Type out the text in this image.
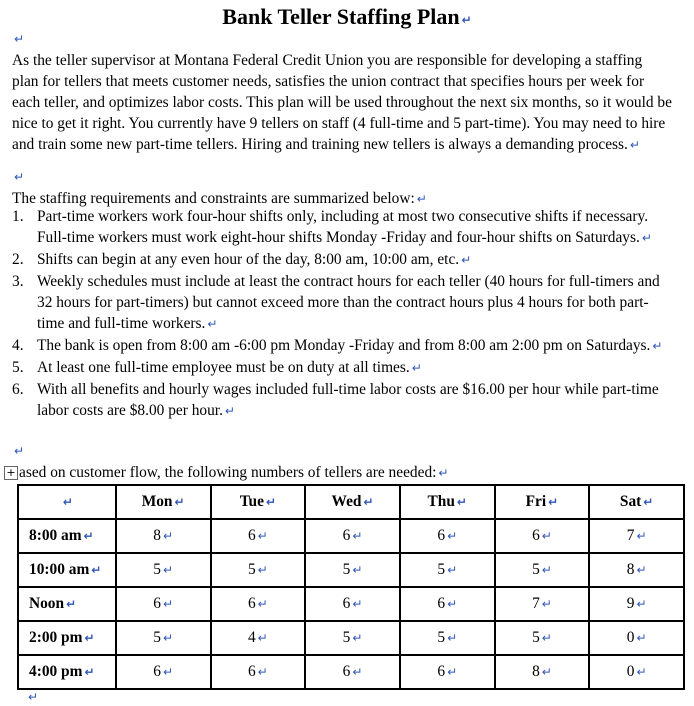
Bank Teller Staffing Plan ↵
↵
As the teller supervisor at Montana Federal Credit Union you are responsible for developing a staffing plan for tellers that meets customer needs, satisfies the union contract that specifies hours per week for each teller, and optimizes labor costs. This plan will be used throughout the next six months, so it would be nice to get it right. You currently have 9 tellers on staff (4 full-time and 5 part-time). You may need to hire and train some new part-time tellers. Hiring and training new tellers is always a demanding process. ↵
↵
The staffing requirements and constraints are summarized below: ↵
1. Part-time workers work four-hour shifts only, including at most two consecutive shifts if necessary. Full-time workers must work eight-hour shifts Monday -Friday and four-hour shifts on Saturdays. ↵
2. Shifts can begin at any even hour of the day, 8:00 am, 10:00 am, etc. ↵
3. Weekly schedules must include at least the contract hours for each teller (40 hours for full-timers and 32 hours for part-timers) but cannot exceed more than the contract hours plus 4 hours for both part-time and full-time workers. ↵
4. The bank is open from 8:00 am -6:00 pm Monday -Friday and from 8:00 am 2:00 pm on Saturdays. ↵
5. At least one full-time employee must be on duty at all times. ↵
6. With all benefits and hourly wages included full-time labor costs are $16.00 per hour while part-time labor costs are $8.00 per hour. ↵
↵
+ ased on customer flow, the following numbers of tellers are needed: ↵
↵	Mon ↵	Tue ↵	Wed ↵	Thu ↵	Fri ↵	Sat ↵
8:00 am ↵	8 ↵	6 ↵	6 ↵	6 ↵	6 ↵	7 ↵
10:00 am ↵	5 ↵	5 ↵	5 ↵	5 ↵	5 ↵	8 ↵
Noon ↵	6 ↵	6 ↵	6 ↵	6 ↵	7 ↵	9 ↵
2:00 pm ↵	5 ↵	4 ↵	5 ↵	5 ↵	5 ↵	0 ↵
4:00 pm ↵	6 ↵	6 ↵	6 ↵	6 ↵	8 ↵	0 ↵
↵
